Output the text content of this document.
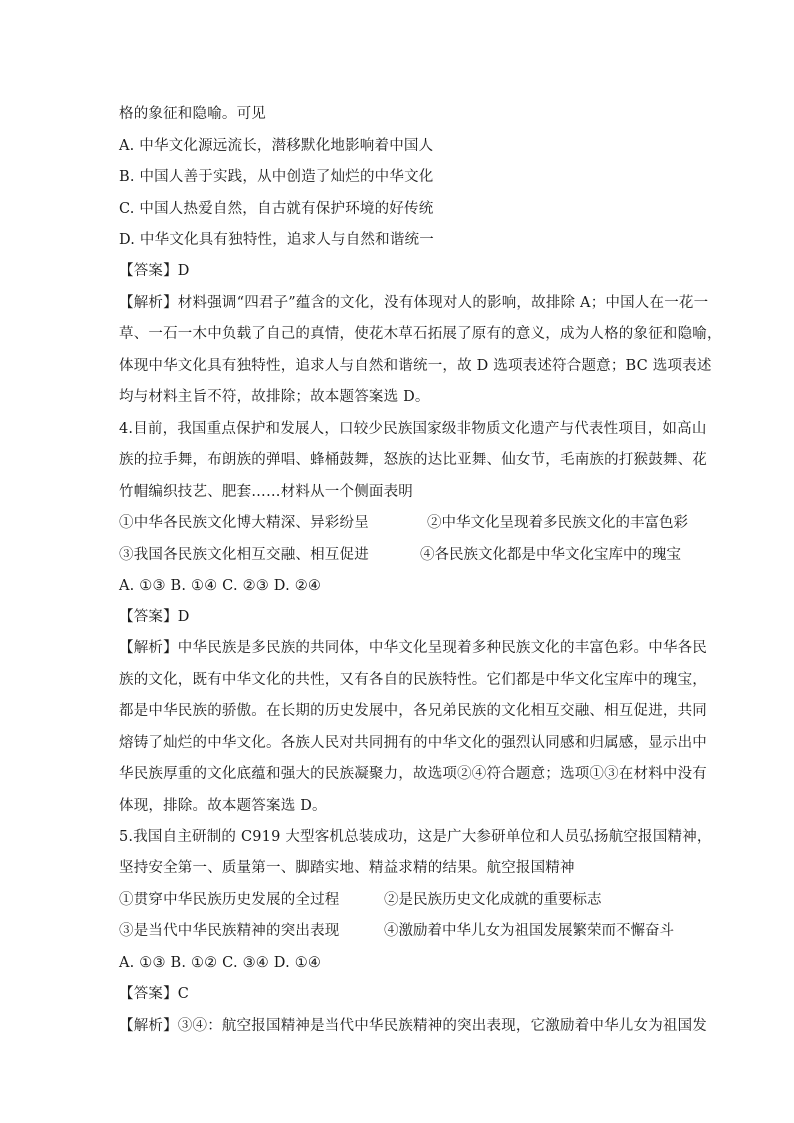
格的象征和隐喻。可见
A. 中华文化源远流长，潜移默化地影响着中国人
B. 中国人善于实践，从中创造了灿烂的中华文化
C. 中国人热爱自然，自古就有保护环境的好传统
D. 中华文化具有独特性，追求人与自然和谐统一
【答案】D
【解析】材料强调“四君子”蕴含的文化，没有体现对人的影响，故排除 A；中国人在一花一
草、一石一木中负载了自己的真情，使花木草石拓展了原有的意义，成为人格的象征和隐喻，
体现中华文化具有独特性，追求人与自然和谐统一，故 D 选项表述符合题意；BC 选项表述
均与材料主旨不符，故排除；故本题答案选 D。
4.目前，我国重点保护和发展人，口较少民族国家级非物质文化遗产与代表性项目，如高山
族的拉手舞，布朗族的弹唱、蜂桶鼓舞，怒族的达比亚舞、仙女节，毛南族的打猴鼓舞、花
竹帽编织技艺、肥套……材料从一个侧面表明
①中华各民族文化博大精深、异彩纷呈	②中华文化呈现着多民族文化的丰富色彩
③我国各民族文化相互交融、相互促进	④各民族文化都是中华文化宝库中的瑰宝
A. ①③ B. ①④ C. ②③ D. ②④
【答案】D
【解析】中华民族是多民族的共同体，中华文化呈现着多种民族文化的丰富色彩。中华各民
族的文化，既有中华文化的共性，又有各自的民族特性。它们都是中华文化宝库中的瑰宝，
都是中华民族的骄傲。在长期的历史发展中，各兄弟民族的文化相互交融、相互促进，共同
熔铸了灿烂的中华文化。各族人民对共同拥有的中华文化的强烈认同感和归属感，显示出中
华民族厚重的文化底蕴和强大的民族凝聚力，故选项②④符合题意；选项①③在材料中没有
体现，排除。故本题答案选 D。
5.我国自主研制的 C919 大型客机总装成功，这是广大参研单位和人员弘扬航空报国精神，
坚持安全第一、质量第一、脚踏实地、精益求精的结果。航空报国精神
①贯穿中华民族历史发展的全过程	②是民族历史文化成就的重要标志
③是当代中华民族精神的突出表现	④激励着中华儿女为祖国发展繁荣而不懈奋斗
A. ①③ B. ①② C. ③④ D. ①④
【答案】C
【解析】③④：航空报国精神是当代中华民族精神的突出表现，它激励着中华儿女为祖国发
